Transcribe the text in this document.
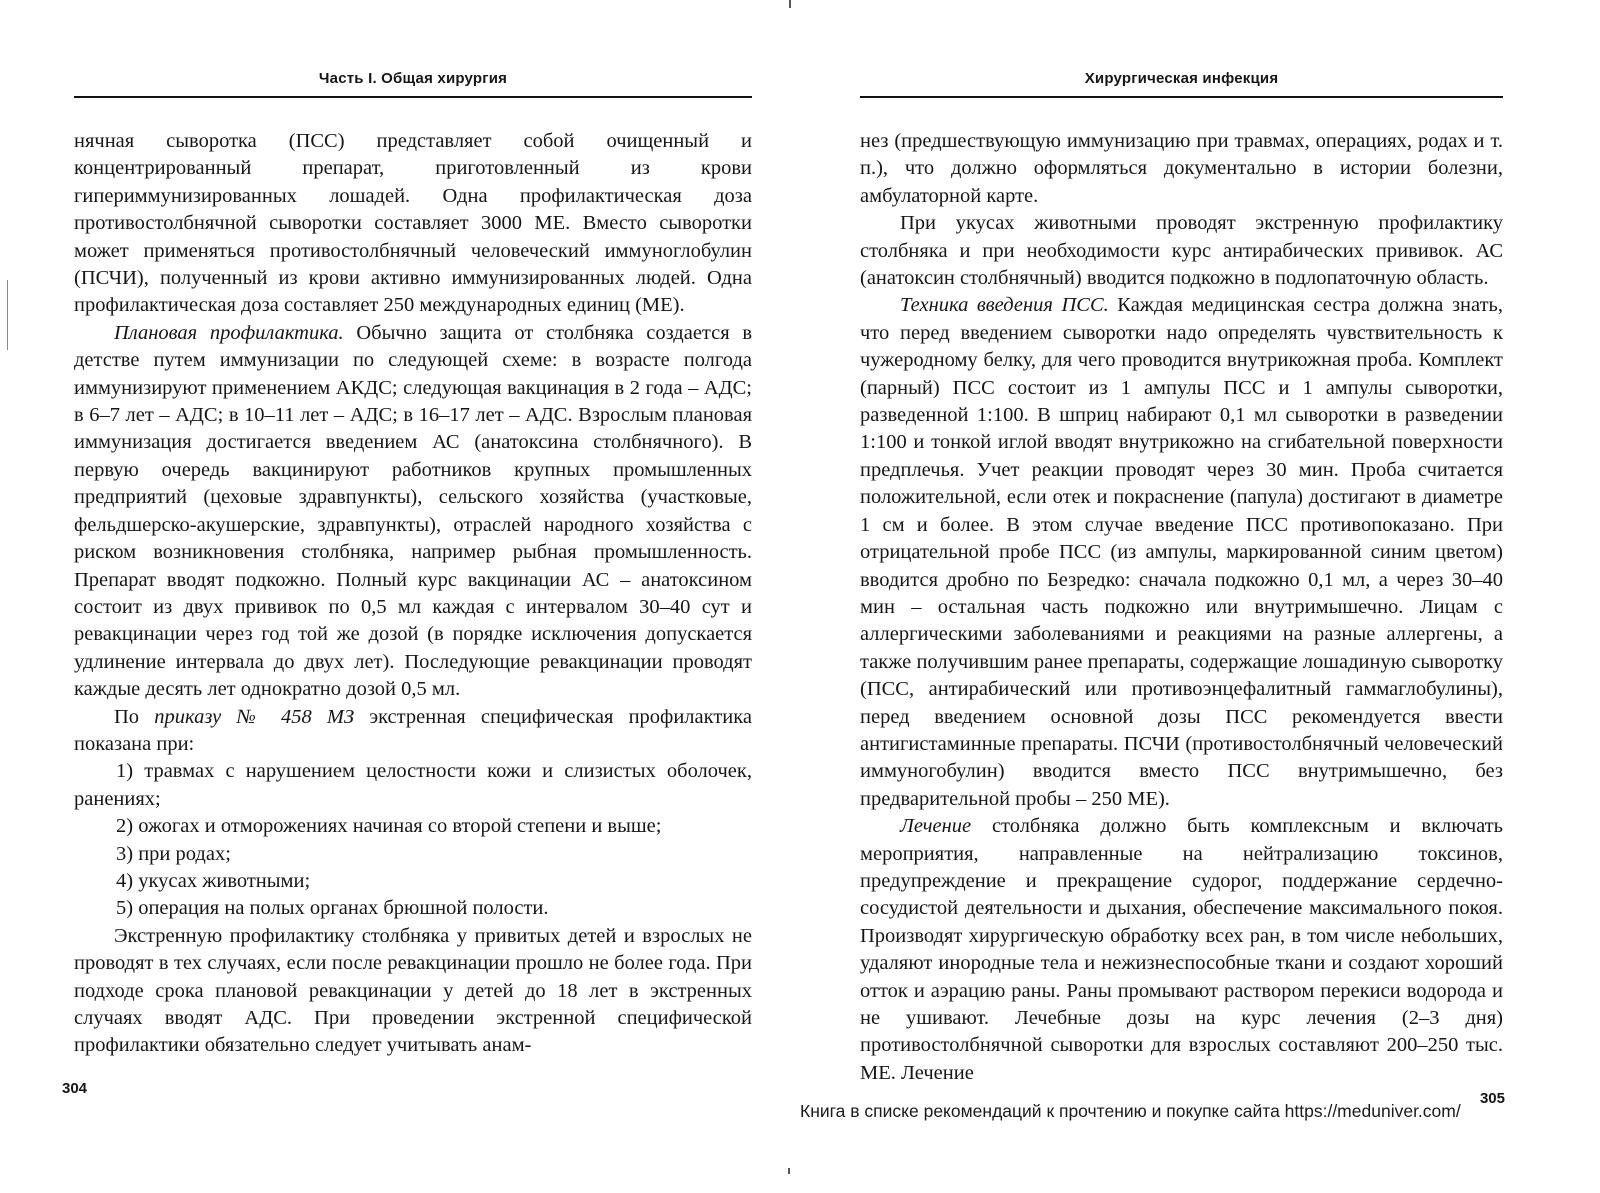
Часть I. Общая хирургия

нячная сыворотка (ПСС) представляет собой очищенный и концентрированный препарат, приготовленный из крови гипериммунизированных лошадей. Одна профилактическая доза противостолбнячной сыворотки составляет 3000 МЕ. Вместо сыворотки может применяться противостолбнячный человеческий иммуноглобулин (ПСЧИ), полученный из крови активно иммунизированных людей. Одна профилактическая доза составляет 250 международных единиц (МЕ).

Плановая профилактика. Обычно защита от столбняка создается в детстве путем иммунизации по следующей схеме: в возрасте полгода иммунизируют применением АКДС; следующая вакцинация в 2 года – АДС; в 6–7 лет – АДС; в 10–11 лет – АДС; в 16–17 лет – АДС. Взрослым плановая иммунизация достигается введением АС (анатоксина столбнячного). В первую очередь вакцинируют работников крупных промышленных предприятий (цеховые здравпункты), сельского хозяйства (участковые, фельдшерско-акушерские, здравпункты), отраслей народного хозяйства с риском возникновения столбняка, например рыбная промышленность. Препарат вводят подкожно. Полный курс вакцинации АС – анатоксином состоит из двух прививок по 0,5 мл каждая с интервалом 30–40 сут и ревакцинации через год той же дозой (в порядке исключения допускается удлинение интервала до двух лет). Последующие ревакцинации проводят каждые десять лет однократно дозой 0,5 мл.

По приказу № 458 МЗ экстренная специфическая профилактика показана при:

1) травмах с нарушением целостности кожи и слизистых оболочек, ранениях;

2) ожогах и отморожениях начиная со второй степени и выше;

3) при родах;

4) укусах животными;

5) операция на полых органах брюшной полости.

Экстренную профилактику столбняка у привитых детей и взрослых не проводят в тех случаях, если после ревакцинации прошло не более года. При подходе срока плановой ревакцинации у детей до 18 лет в экстренных случаях вводят АДС. При проведении экстренной специфической профилактики обязательно следует учитывать анам-

304
Хирургическая инфекция

нез (предшествующую иммунизацию при травмах, операциях, родах и т. п.), что должно оформляться документально в истории болезни, амбулаторной карте.

При укусах животными проводят экстренную профилактику столбняка и при необходимости курс антирабических прививок. АС (анатоксин столбнячный) вводится подкожно в подлопаточную область.

Техника введения ПСС. Каждая медицинская сестра должна знать, что перед введением сыворотки надо определять чувствительность к чужеродному белку, для чего проводится внутрикожная проба. Комплект (парный) ПСС состоит из 1 ампулы ПСС и 1 ампулы сыворотки, разведенной 1:100. В шприц набирают 0,1 мл сыворотки в разведении 1:100 и тонкой иглой вводят внутрикожно на сгибательной поверхности предплечья. Учет реакции проводят через 30 мин. Проба считается положительной, если отек и покраснение (папула) достигают в диаметре 1 см и более. В этом случае введение ПСС противопоказано. При отрицательной пробе ПСС (из ампулы, маркированной синим цветом) вводится дробно по Безредко: сначала подкожно 0,1 мл, а через 30–40 мин – остальная часть подкожно или внутримышечно. Лицам с аллергическими заболеваниями и реакциями на разные аллергены, а также получившим ранее препараты, содержащие лошадиную сыворотку (ПСС, антирабический или противоэнцефалитный гаммаглобулины), перед введением основной дозы ПСС рекомендуется ввести антигистаминные препараты. ПСЧИ (противостолбнячный человеческий иммуногобулин) вводится вместо ПСС внутримышечно, без предварительной пробы – 250 МЕ).

Лечение столбняка должно быть комплексным и включать мероприятия, направленные на нейтрализацию токсинов, предупреждение и прекращение судорог, поддержание сердечно-сосудистой деятельности и дыхания, обеспечение максимального покоя. Производят хирургическую обработку всех ран, в том числе небольших, удаляют инородные тела и нежизнеспособные ткани и создают хороший отток и аэрацию раны. Раны промывают раствором перекиси водорода и не ушивают. Лечебные дозы на курс лечения (2–3 дня) противостолбнячной сыворотки для взрослых составляют 200–250 тыс. МЕ. Лечение

305
Книга в списке рекомендаций к прочтению и покупке сайта https://meduniver.com/
